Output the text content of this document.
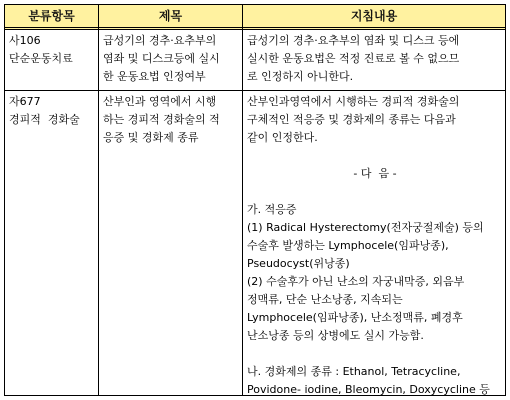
분류항목	제목	지침내용
사106
단순운동치료
급성기의 경추·요추부의
염좌 및 디스크등에 실시
한 운동요법 인정여부
급성기의 경추·요추부의 염좌 및 디스크 등에
실시한 운동요법은 적정 진료로 볼 수 없으므
로 인정하지 아니한다.
자677
경피적  경화술
산부인과 영역에서 시행
하는 경피적 경화술의 적
응증 및 경화제 종류
산부인과영역에서 시행하는 경피적 경화술의
구체적인 적응증 및 경화제의 종류는 다음과
같이 인정한다.

- 다  음 -

가. 적응증
(1) Radical Hysterectomy(전자궁절제술) 등의
수술후 발생하는 Lymphocele(임파낭종),
Pseudocyst(위낭종)
(2) 수술후가 아닌 난소의 자궁내막증, 외음부
정맥류, 단순 난소낭종, 지속되는
Lymphocele(임파낭종), 난소정맥류, 폐경후
난소낭종 등의 상병에도 실시 가능함.

나. 경화제의 종류 : Ethanol, Tetracycline,
Povidone- iodine, Bleomycin, Doxycycline 등
